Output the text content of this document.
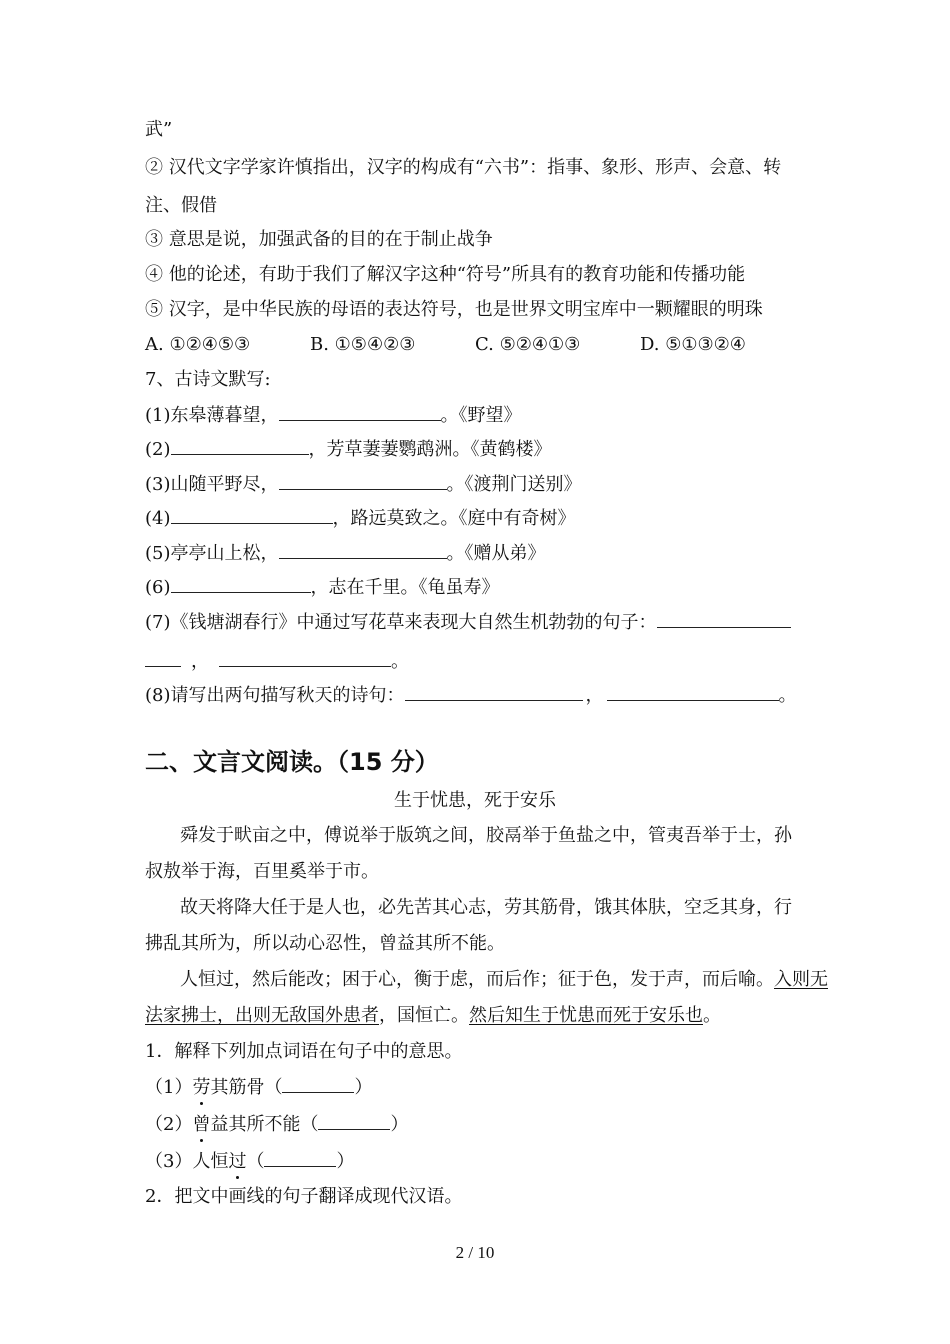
武”
② 汉代文字学家许慎指出，汉字的构成有“六书”：指事、象形、形声、会意、转
注、假借
③ 意思是说，加强武备的目的在于制止战争
④ 他的论述，有助于我们了解汉字这种“符号”所具有的教育功能和传播功能
⑤ 汉字，是中华民族的母语的表达符号，也是世界文明宝库中一颗耀眼的明珠
A. ①②④⑤③	B. ①⑤④②③	C. ⑤②④①③	D. ⑤①③②④
7、古诗文默写:
(1)东皋薄暮望，	。《野望》
(2)	，芳草萋萋鹦鹉洲。《黄鹤楼》
(3)山随平野尽，	。《渡荆门送别》
(4)	，路远莫致之。《庭中有奇树》
(5)亭亭山上松，	。《赠从弟》
(6)	，志在千里。《龟虽寿》
(7)《钱塘湖春行》中通过写花草来表现大自然生机勃勃的句子：
，	。
(8)请写出两句描写秋天的诗句：	，	。
二、文言文阅读。（15 分）
生于忧患，死于安乐
舜发于畎亩之中，傅说举于版筑之间，胶鬲举于鱼盐之中，管夷吾举于士，孙
叔敖举于海，百里奚举于市。
故天将降大任于是人也，必先苦其心志，劳其筋骨，饿其体肤，空乏其身，行
拂乱其所为，所以动心忍性，曾益其所不能。
人恒过，然后能改；困于心，衡于虑，而后作；征于色，发于声，而后喻。入则无
法家拂士，出则无敌国外患者，国恒亡。然后知生于忧患而死于安乐也。
1．解释下列加点词语在句子中的意思。
（1）劳其筋骨（	）
（2）曾益其所不能（	）
（3）人恒过（	）
2．把文中画线的句子翻译成现代汉语。
2 / 10
